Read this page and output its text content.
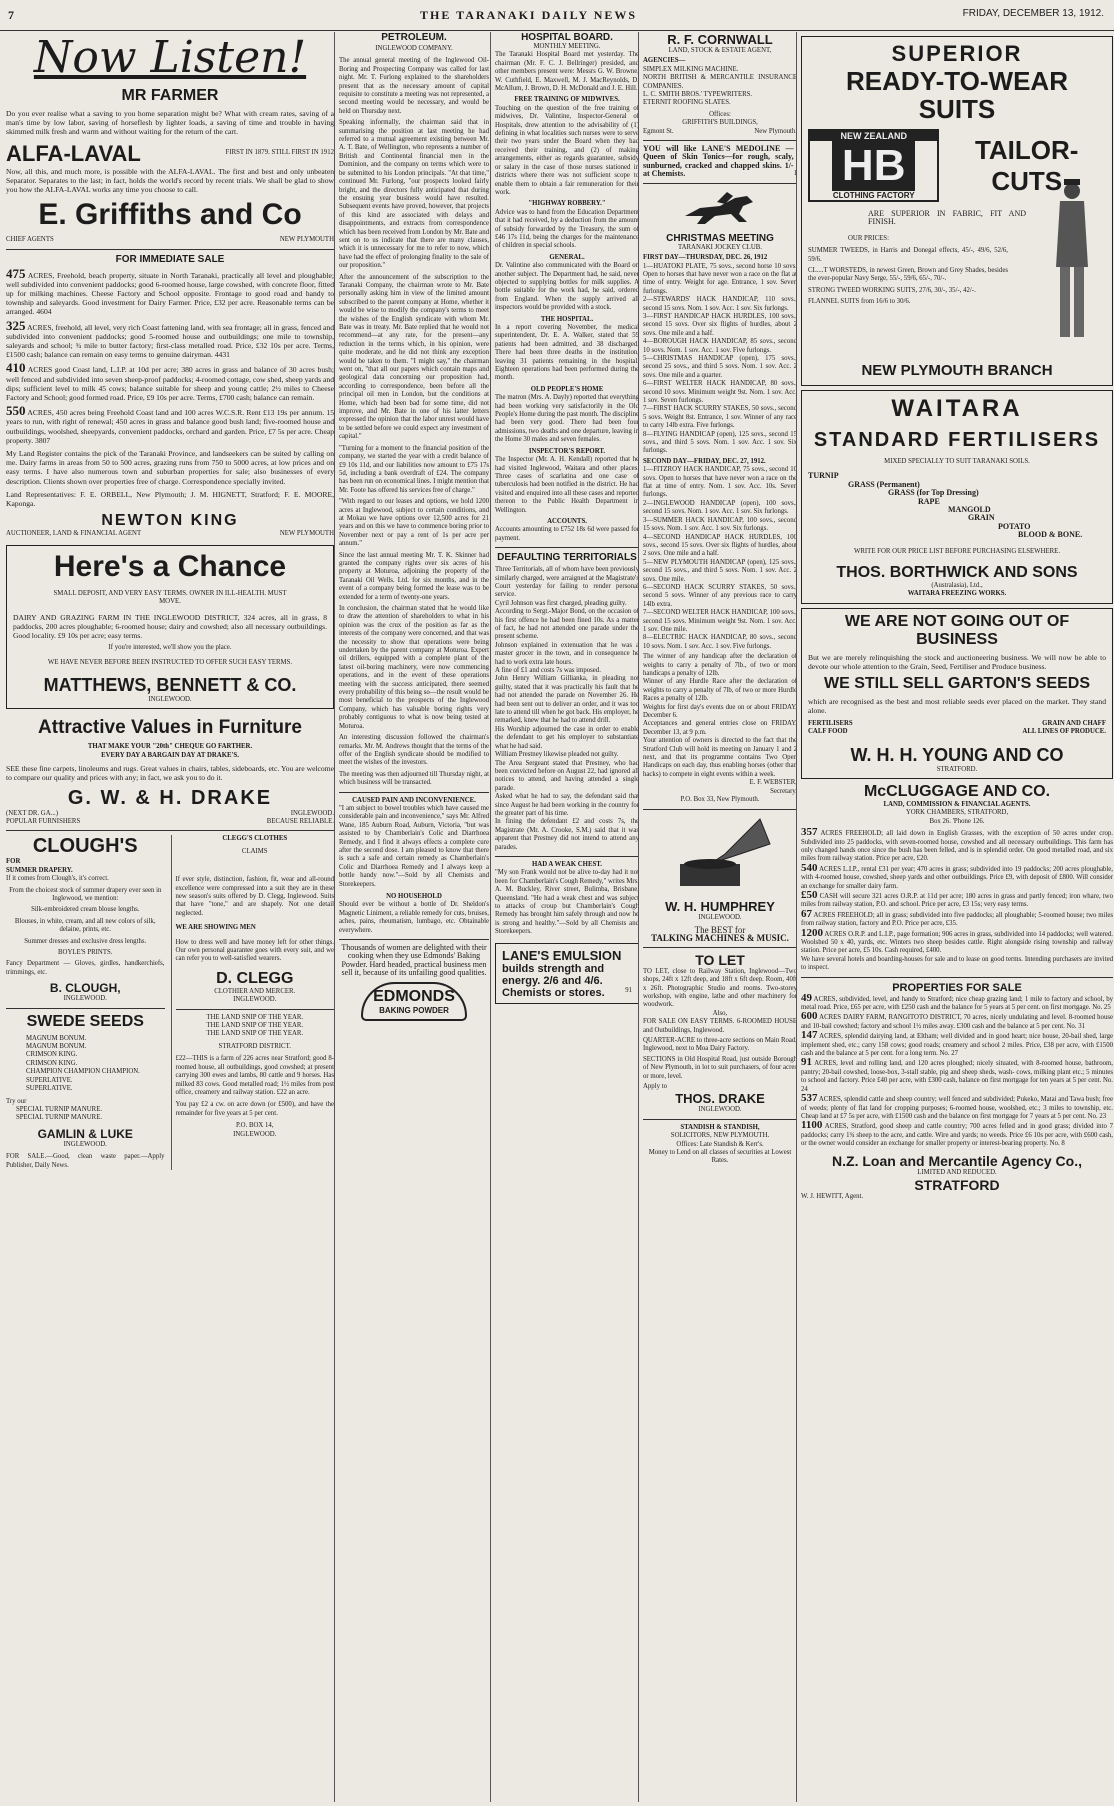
7	THE TARANAKI DAILY NEWS	FRIDAY, DECEMBER 13, 1912.
Now Listen!
MR FARMER
Do you ever realise what a saving to you home separation might be? What with cream rates, saving of a man's time by low labor, saving of horseflesh by lighter loads, a saving of time and trouble in having skimmed milk fresh and warm and without waiting for the return of the cart.
ALFA-LAVAL	FIRST IN 1879. STILL FIRST IN 1912
Now, all this, and much more, is possible with the ALFA-LAVAL. The first and best and only unbeaten Separator. Separates to the last; in fact, holds the world's record by recent trials. We shall be glad to show you how the ALFA-LAVAL works any time you choose to call.
E. Griffiths and Co
CHIEF AGENTS	NEW PLYMOUTH
FOR IMMEDIATE SALE
475 ACRES, Freehold, beach property, situate in North Taranaki, practically all level and ploughable; well subdivided into convenient paddocks; good 6-roomed house, large cowshed, with concrete floor, fitted up for milking machines. Cheese Factory and School opposite. Frontage to good road and handy to township and saleyards. Good investment for Dairy Farmer. Price, £32 per acre. Reasonable terms can be arranged. 4604
325 ACRES, freehold, all level, very rich Coast fattening land, with sea frontage; all in grass, fenced and subdivided into convenient paddocks; good 5-roomed house and outbuildings; one mile to township, saleyards and school; ¾ mile to butter factory; first-class metalled road. Price, £32 10s per acre. Terms, £1500 cash; balance can remain on easy terms to genuine dairyman. 4431
410 ACRES good Coast land, L.I.P. at 10d per acre; 380 acres in grass and balance of 30 acres bush; well fenced and subdivided into seven sheep-proof paddocks; 4-roomed cottage, cow shed, sheep yards and dips; sufficient level to milk 45 cows; balance suitable for sheep and young cattle; 2½ miles to Cheese Factory and School; good formed road. Price, £9 10s per acre. Terms, £700 cash; balance can remain.
550 ACRES, 450 acres being Freehold Coast land and 100 acres W.C.S.R. Rent £13 19s per annum. 15 years to run, with right of renewal; 450 acres in grass and balance good bush land; five-roomed house and outbuildings, woolshed, sheepyards, convenient paddocks, orchard and garden. Price, £7 5s per acre. Cheap property. 3807
My Land Register contains the pick of the Taranaki Province, and landseekers can be suited by calling on me. Dairy farms in areas from 50 to 500 acres, grazing runs from 750 to 5000 acres, at low prices and on easy terms. I have also numerous town and suburban properties for sale; also businesses of every description. Clients shown over properties free of charge. Correspondence specially invited.
Land Representatives: F. E. ORBELL, New Plymouth; J. M. HIGNETT, Stratford; F. E. MOORE, Kaponga.
NEWTON KING
AUCTIONEER, LAND & FINANCIAL AGENT	NEW PLYMOUTH
Here's a Chance
SMALL DEPOSIT, AND VERY EASY TERMS. OWNER IN ILL-HEALTH. MUST MOVE.
DAIRY AND GRAZING FARM IN THE INGLEWOOD DISTRICT, 324 acres, all in grass, 8 paddocks, 200 acres ploughable; 6-roomed house; dairy and cowshed; also all necessary outbuildings. Good locality. £9 10s per acre; easy terms.
If you're interested, we'll show you the place.
WE HAVE NEVER BEFORE BEEN INSTRUCTED TO OFFER SUCH EASY TERMS.
MATTHEWS, BENNETT & CO.
INGLEWOOD.
Attractive Values in Furniture
THAT MAKE YOUR "20th" CHEQUE GO FARTHER.
EVERY DAY A BARGAIN DAY AT DRAKE'S.
SEE these fine carpets, linoleums and rugs. Great values in chairs, tables, sideboards, etc. You are welcome to compare our quality and prices with any; in fact, we ask you to do it.
G. W. & H. DRAKE
(NEXT DR. GA...)	INGLEWOOD.
POPULAR FURNISHERS	BECAUSE RELIABLE.
CLOUGH'S
FOR
SUMMER DRAPERY.
If it comes from Clough's, it's correct.
From the choicest stock of summer drapery ever seen in Inglewood, we mention:
Silk-embroidered cream blouse lengths.
Blouses, in white, cream, and all new colors of silk, delaine, prints, etc.
Summer dresses and exclusive dress lengths.
BOYLE'S PRINTS.
Fancy Department — Gloves, girdles, handkerchiefs, trimmings, etc.
B. CLOUGH,
INGLEWOOD.
SWEDE SEEDS
MAGNUM BONUM.
MAGNUM BONUM.
CRIMSON KING.
CRIMSON KING.
CHAMPION CHAMPION CHAMPION.
SUPERLATIVE.
SUPERLATIVE.
Try our
SPECIAL TURNIP MANURE.
SPECIAL TURNIP MANURE.
GAMLIN & LUKE
INGLEWOOD.
FOR SALE.—Good, clean waste paper.—Apply Publisher, Daily News.
CLEGG'S CLOTHES
CLAIMS
If ever style, distinction, fashion, fit, wear and all-round excellence were compressed into a suit they are in these new season's suits offered by D. Clegg, Inglewood. Suits that have "tone," and are shapely. Not one detail neglected.
WE ARE SHOWING MEN
How to dress well and have money left for other things. Our own personal guarantee goes with every suit, and we can refer you to well-satisfied wearers.
D. CLEGG
CLOTHIER AND MERCER.
INGLEWOOD.
THE LAND SNIP OF THE YEAR.
THE LAND SNIP OF THE YEAR.
THE LAND SNIP OF THE YEAR.
STRATFORD DISTRICT.
£22—THIS is a farm of 226 acres near Stratford; good 8-roomed house, all outbuildings, good cowshed; at present carrying 300 ewes and lambs, 80 cattle and 9 horses. Has milked 83 cows. Good metalled road; 1½ miles from post office, creamery and railway station. £22 an acre.
You pay £2 a cw. on acre down (or £500), and have the remainder for five years at 5 per cent.
P.O. BOX 14,
INGLEWOOD.
PETROLEUM.
INGLEWOOD COMPANY.
The annual general meeting of the Inglewood Oil-Boring and Prospecting Company was called for last night. Mr. T. Furlong explained to the shareholders present that as the necessary amount of capital requisite to constitute a meeting was not represented, a second meeting would be necessary, and would be held on Thursday next.
Speaking informally, the chairman said that in summarising the position at last meeting he had referred to a mutual agreement existing between Mr. A. T. Bate, of Wellington, who represents a number of British and Continental financial men in the Dominion, and the company on terms which were to be submitted to his London principals. "At that time," continued Mr. Furlong, "our prospects looked fairly bright, and the directors fully anticipated that during the ensuing year business would have resulted. Subsequent events have proved, however, that projects of this kind are associated with delays and disappointments, and extracts from correspondence which has been received from London by Mr. Bate and sent on to us indicate that there are many clauses, which it is unnecessary for me to refer to now, which have had the effect of prolonging finality to the sale of our proposition."
After the announcement of the subscription to the Taranaki Company, the chairman wrote to Mr. Bate personally asking him in view of the limited amount subscribed to the parent company at Home, whether it would be wise to modify the company's terms to meet the wishes of the English syndicate with whom Mr. Bate was in treaty. Mr. Bate replied that he would not recommend—at any rate, for the present—any reduction in the terms which, in his opinion, were quite moderate, and he did not think any exception would be taken to them. "I might say," the chairman went on, "that all our papers which contain maps and geological data concerning our proposition had, according to correspondence, been before all the principal oil men in London, but the conditions at Home, which had been bad for some time, did not improve, and Mr. Bate in one of his latter letters expressed the opinion that the labor unrest would have to be settled before we could expect any investment of capital."
"Turning for a moment to the financial position of the company, we started the year with a credit balance of £9 10s 11d, and our liabilities now amount to £75 17s 5d, including a bank overdraft of £24. The company has been run on economical lines. I might mention that Mr. Foote has offered his services free of charge."
"With regard to our leases and options, we hold 1200 acres at Inglewood, subject to certain conditions, and at Mokau we have options over 12,500 acres for 21 years and on this we have to commence boring prior to November next or pay a rent of 1s per acre per annum."
Since the last annual meeting Mr. T. K. Skinner had granted the company rights over six acres of his property at Moturoa, adjoining the property of the Taranaki Oil Wells. Ltd. for six months, and in the event of a company being formed the lease was to be extended for a term of twenty-one years.
In conclusion, the chairman stated that he would like to draw the attention of shareholders to what in his opinion was the crux of the position as far as the interests of the company were concerned, and that was the necessity to show that operations were being undertaken by the parent company at Moturoa. Expert oil drillers, equipped with a complete plant of the latest oil-boring machinery, were now commencing operations, and in the event of these operations meeting with the success anticipated, there seemed every probability of this being so—the result would be most beneficial to the prospects of the Inglewood Company, which has valuable boring rights very probably contiguous to what is now being tested at Moturoa.
An interesting discussion followed the chairman's remarks. Mr. M. Andrews thought that the terms of the offer of the English syndicate should be modified to meet the wishes of the investors.
The meeting was then adjourned till Thursday night, at which business will be transacted.
CAUSED PAIN AND INCONVENIENCE.
"I am subject to bowel troubles which have caused me considerable pain and inconvenience," says Mr. Alfred Wane, 185 Auburn Road, Auburn, Victoria, "but was assisted to by Chamberlain's Colic and Diarrhoea Remedy, and I find it always effects a complete cure after the second dose. I am pleased to know that there is such a safe and certain remedy as Chamberlain's Colic and Diarrhoea Remedy and I always keep a bottle handy now."—Sold by all Chemists and Storekeepers.
NO HOUSEHOLD
Should ever be without a bottle of Dr. Sheldon's Magnetic Liniment, a reliable remedy for cuts, bruises, aches, pains, rheumatism, lumbago, etc. Obtainable everywhere.
Thousands of women are delighted with their cooking when they use Edmonds' Baking Powder. Hard headed, practical business men sell it, because of its unfailing good qualities.
EDMONDS
BAKING POWDER
HOSPITAL BOARD.
MONTHLY MEETING.
The Taranaki Hospital Board met yesterday. The chairman (Mr. F. C. J. Bellringer) presided, and other members present were: Messrs G. W. Browne, W. Cuthfield, E. Maxwell, M. J. MacReynolds, D. McAllum, J. Brown, D. H. McDonald and J. E. Hill.
FREE TRAINING OF MIDWIVES.
Touching on the question of the free training of midwives, Dr. Valintine, Inspector-General of Hospitals, drew attention to the advisability of (1) defining in what localities such nurses were to serve their two years under the Board when they had received their training, and (2) of making arrangements, either as regards guarantee, subsidy or salary in the case of those nurses stationed in districts where there was not sufficient scope to enable them to obtain a fair remuneration for their work.
"HIGHWAY ROBBERY."
Advice was to hand from the Education Department that it had received, by a deduction from the amount of subsidy forwarded by the Treasury, the sum of £46 17s 11d, being the charges for the maintenance of children in special schools.
GENERAL.
Dr. Valintine also communicated with the Board on another subject. The Department had, he said, never objected to supplying bottles for milk supplies. A bottle suitable for the work had, he said, ordered from England. When the supply arrived all inspectors would be provided with a stock.
THE HOSPITAL.
In a report covering November, the medical superintendent, Dr. E. A. Walker, stated that 59 patients had been admitted, and 38 discharged. There had been three deaths in the institution, leaving 31 patients remaining in the hospital. Eighteen operations had been performed during the month.
OLD PEOPLE'S HOME
The matron (Mrs. A. Dayly) reported that everything had been working very satisfactorily in the Old People's Home during the past month. The discipline had been very good. There had been four admissions, two deaths and one departure, leaving in the Home 30 males and seven females.
INSPECTOR'S REPORT.
The Inspector (Mr. A. H. Kendall) reported that he had visited Inglewood, Waitara and other places. Three cases of scarlatina and one case of tuberculosis had been notified in the district. He had visited and enquired into all these cases and reported thereon to the Public Health Department in Wellington.
ACCOUNTS.
Accounts amounting to £752 18s 6d were passed for payment.
DEFAULTING TERRITORIALS
Three Territorials, all of whom have been previously similarly charged, were arraigned at the Magistrate's Court yesterday for failing to render personal service.
Cyril Johnson was first charged, pleading guilty.
According to Sergt.-Major Bond, on the occasion of his first offence he had been fined 10s. As a matter of fact, he had not attended one parade under the present scheme.
Johnson explained in extenuation that he was a master grocer in the town, and in consequence he had to work extra late hours.
A fine of £1 and costs 7s was imposed.
John Henry William Gillianka, in pleading not guilty, stated that it was practically his fault that he had not attended the parade on November 26. He had been sent out to deliver an order, and it was too late to attend till when he got back. His employer, he remarked, knew that he had to attend drill.
His Worship adjourned the case in order to enable the defendant to get his employer to substantiate what he had said.
William Prestney likewise pleaded not guilty.
The Area Sergeant stated that Prestney, who had been convicted before on August 22, had ignored all notices to attend, and having attended a single parade.
Asked what he had to say, the defendant said that since August he had been working in the country for the greater part of his time.
In fining the defendant £2 and costs 7s, the Magistrate (Mr. A. Crooke, S.M.) said that it was apparent that Prestney did not intend to attend any parades.
HAD A WEAK CHEST.
"My son Frank would not be alive to-day had it not been for Chamberlain's Cough Remedy," writes Mrs. A. M. Buckley, River street, Bulimba, Brisbane, Queensland. "He had a weak chest and was subject to attacks of croup but Chamberlain's Cough Remedy has brought him safely through and now he is strong and healthy."—Sold by all Chemists and Storekeepers.
LANE'S EMULSION
builds strength and
energy. 2/6 and 4/6.
Chemists or stores.	91
R. F. CORNWALL
LAND, STOCK & ESTATE AGENT,
AGENCIES—
SIMPLEX MILKING MACHINE.
NORTH BRITISH & MERCANTILE INSURANCE COMPANIES.
L. C. SMITH BROS.' TYPEWRITERS.
ETERNIT ROOFING SLATES.
Offices:
GRIFFITH'S BUILDINGS,
Egmont St.	New Plymouth.
YOU will like LANE'S MEDOLINE — Queen of Skin Tonics—for rough, scaly, sunburned, cracked and chapped skins. 1/- at Chemists.	1
CHRISTMAS MEETING
TARANAKI JOCKEY CLUB.
FIRST DAY—THURSDAY, DEC. 26, 1912
1—HUATOKI PLATE, 75 sovs., second horse 10 sovs. Open to horses that have never won a race on the flat at time of entry. Weight for age. Entrance, 1 sov. Seven furlongs.
2—STEWARDS' HACK HANDICAP, 110 sovs., second 15 sovs. Nom. 1 sov. Acc. 1 sov. Six furlongs.
3—FIRST HANDICAP HACK HURDLES, 100 sovs., second 15 sovs. Over six flights of hurdles, about 2 sovs. One mile and a half.
4—BOROUGH HACK HANDICAP, 85 sovs., second 10 sovs. Nom. 1 sov. Acc. 1 sov. Five furlongs.
5—CHRISTMAS HANDICAP (open), 175 sovs., second 25 sovs., and third 5 sovs. Nom. 1 sov. Acc. 2 sovs. One mile and a quarter.
6—FIRST WELTER HACK HANDICAP, 80 sovs., second 10 sovs. Minimum weight 9st. Nom. 1 sov. Acc. 1 sov. Seven furlongs.
7—FIRST HACK SCURRY STAKES, 50 sovs., second 5 sovs. Weight 8st. Entrance, 1 sov. Winner of any race to carry 14lb extra. Five furlongs.
8—FLYING HANDICAP (open), 125 sovs., second 15 sovs., and third 5 sovs. Nom. 1 sov. Acc. 1 sov. Six furlongs.
SECOND DAY—FRIDAY, DEC. 27, 1912.
1—FITZROY HACK HANDICAP, 75 sovs., second 10 sovs. Open to horses that have never won a race on the flat at time of entry. Nom. 1 sov. Acc. 10s. Seven furlongs.
2—INGLEWOOD HANDICAP (open), 100 sovs., second 15 sovs. Nom. 1 sov. Acc. 1 sov. Six furlongs.
3—SUMMER HACK HANDICAP, 100 sovs., second 15 sovs. Nom. 1 sov. Acc. 1 sov. Six furlongs.
4—SECOND HANDICAP HACK HURDLES, 100 sovs., second 15 sovs. Over six flights of hurdles, about 2 sovs. One mile and a half.
5—NEW PLYMOUTH HANDICAP (open), 125 sovs., second 15 sovs., and third 5 sovs. Nom. 1 sov. Acc. 2 sovs. One mile.
6—SECOND HACK SCURRY STAKES, 50 sovs., second 5 sovs. Winner of any previous race to carry 14lb extra.
7—SECOND WELTER HACK HANDICAP, 100 sovs., second 15 sovs. Minimum weight 9st. Nom. 1 sov. Acc. 1 sov. One mile.
8—ELECTRIC HACK HANDICAP, 80 sovs., second 10 sovs. Nom. 1 sov. Acc. 1 sov. Five furlongs.
The winner of any handicap after the declaration of weights to carry a penalty of 7lb., of two or more handicaps a penalty of 12lb.
Winner of any Hurdle Race after the declaration of weights to carry a penalty of 7lb, of two or more Hurdle Races a penalty of 12lb.
Weights for first day's events due on or about FRIDAY, December 6.
Acceptances and general entries close on FRIDAY, December 13, at 9 p.m.
Your attention of owners is directed to the fact that the Stratford Club will hold its meeting on January 1 and 2 next, and that its programme contains Two Open Handicaps on each day, thus enabling horses (other than hacks) to compete in eight events within a week.
E. F. WEBSTER,
Secretary.
P.O. Box 33, New Plymouth.
W. H. HUMPHREY
INGLEWOOD.
The BEST for
TALKING MACHINES & MUSIC.
TO LET
TO LET, close to Railway Station, Inglewood—Two shops, 24ft x 12ft deep, and 18ft x 6ft deep. Room, 40ft x 26ft. Photographic Studio and rooms. Two-storey workshop, with engine, lathe and other machinery for woodwork.
Also,
FOR SALE ON EASY TERMS. 6-ROOMED HOUSE and Outbuildings, Inglewood.
QUARTER-ACRE to three-acre sections on Main Road, Inglewood, next to Moa Dairy Factory.
SECTIONS in Old Hospital Road, just outside Borough of New Plymouth, in lot to suit purchasers, of four acres or more, level.
Apply to
THOS. DRAKE
INGLEWOOD.
STANDISH & STANDISH,
SOLICITORS, NEW PLYMOUTH.
Offices: Late Standish & Kerr's.
Money to Lend on all classes of securities at Lowest Rates.
SUPERIOR
READY-TO-WEAR SUITS
NEW ZEALAND
HB
CLOTHING FACTORY
TAILOR-CUTS
ARE SUPERIOR IN FABRIC, FIT AND FINISH.
OUR PRICES:
SUMMER TWEEDS, in Harris and Donegal effects, 45/-, 49/6, 52/6, 59/6.
CL....T WORSTEDS, in newest Green, Brown and Grey Shades, besides the ever-popular Navy Serge, 55/-, 59/6, 65/-, 70/-.
STRONG TWEED WORKING SUITS, 27/6, 30/-, 35/-, 42/-.
FLANNEL SUITS from 16/6 to 30/6.
NEW PLYMOUTH BRANCH
WAITARA
STANDARD FERTILISERS
MIXED SPECIALLY TO SUIT TARANAKI SOILS.
TURNIP
GRASS (Permanent)
GRASS (for Top Dressing)
RAPE
MANGOLD
GRAIN
POTATO
BLOOD & BONE.
WRITE FOR OUR PRICE LIST BEFORE PURCHASING ELSEWHERE.
THOS. BORTHWICK AND SONS
(Australasia), Ltd.,
WAITARA FREEZING WORKS.
WE ARE NOT GOING OUT OF BUSINESS
But we are merely relinquishing the stock and auctioneering business. We will now be able to devote our whole attention to the Grain, Seed, Fertiliser and Produce business.
WE STILL SELL GARTON'S SEEDS
which are recognised as the best and most reliable seeds ever placed on the market. They stand alone.
FERTILISERS	GRAIN AND CHAFF
CALF FOOD	ALL LINES OF PRODUCE.
W. H. H. YOUNG AND CO
STRATFORD.
McCLUGGAGE AND CO.
LAND, COMMISSION & FINANCIAL AGENTS.
YORK CHAMBERS, STRATFORD,
Box 26. 'Phone 126.
357 ACRES FREEHOLD; all laid down in English Grasses, with the exception of 50 acres under crop. Subdivided into 25 paddocks, with seven-roomed house, cowshed and all necessary outbuildings. This farm has only changed hands once since the bush has been felled, and is in splendid order. On good metalled road, and six miles from railway station. Price per acre, £20.
540 ACRES L.I.P., rental £31 per year; 470 acres in grass; subdivided into 19 paddocks; 200 acres ploughable, with 4-roomed house, cowshed, sheep yards and other outbuildings. Price £9, with deposit of £800. Will consider an exchange for smaller dairy farm.
£50 CASH will secure 321 acres O.R.P. at 11d per acre; 180 acres in grass and partly fenced; iron whare, two miles from railway station, P.O. and school. Price per acre, £3 15s; very easy terms.
67 ACRES FREEHOLD; all in grass; subdivided into five paddocks; all ploughable; 5-roomed house; two miles from railway station, factory and P.O. Price per acre, £35.
1200 ACRES O.R.P. and L.I.P., page formation; 906 acres in grass, subdivided into 14 paddocks; well watered. Woolshed 50 x 40, yards, etc. Winters two sheep besides cattle. Right alongside rising township and railway station. Price per acre, £5 10s. Cash required, £400.
We have several hotels and boarding-houses for sale and to lease on good terms. Intending purchasers are invited to inspect.
PROPERTIES FOR SALE
49 ACRES, subdivided, level, and handy to Stratford; nice cheap grazing land; 1 mile to factory and school, by metal road. Price, £65 per acre, with £250 cash and the balance for 5 years at 5 per cent. on first mortgage. No. 25
600 ACRES DAIRY FARM, RANGITOTO DISTRICT, 70 acres, nicely undulating and level. 8-roomed house and 10-bail cowshed; factory and school 1½ miles away. £300 cash and the balance at 5 per cent. No. 31
147 ACRES, splendid dairying land, at Eltham; well divided and in good heart; nice house, 20-bail shed, large implement shed, etc.; carry 158 cows; good roads; creamery and school 2 miles. Price, £38 per acre, with £1500 cash and the balance at 5 per cent. for a long term. No. 27
91 ACRES, level and rolling land, and 120 acres ploughed; nicely situated, with 8-roomed house, bathroom, pantry; 20-bail cowshed, loose-box, 3-stall stable, pig and sheep sheds, wash- cows, milking plant etc.; 5 minutes to school and factory. Price £40 per acre, with £300 cash, balance on first mortgage for ten years at 5 per cent. No. 24
537 ACRES, splendid cattle and sheep country; well fenced and subdivided; Pukeko, Matai and Tawa bush; free of weeds; plenty of flat land for cropping purposes; 6-roomed house, woolshed, etc.; 3 miles to township, etc. Cheap land at £7 5s per acre, with £1500 cash and the balance on first mortgage for 7 years at 5 per cent. No. 23
1100 ACRES, Stratford, good sheep and cattle country; 700 acres felled and in good grass; divided into 7 paddocks; carry 1¾ sheep to the acre, and cattle. Wire and yards; no weeds. Price £6 10s per acre, with £600 cash, or the owner would consider an exchange for smaller property or interest-bearing property. No. 8
N.Z. Loan and Mercantile Agency Co.,
LIMITED AND REDUCED.
STRATFORD
W. J. HEWITT, Agent.
